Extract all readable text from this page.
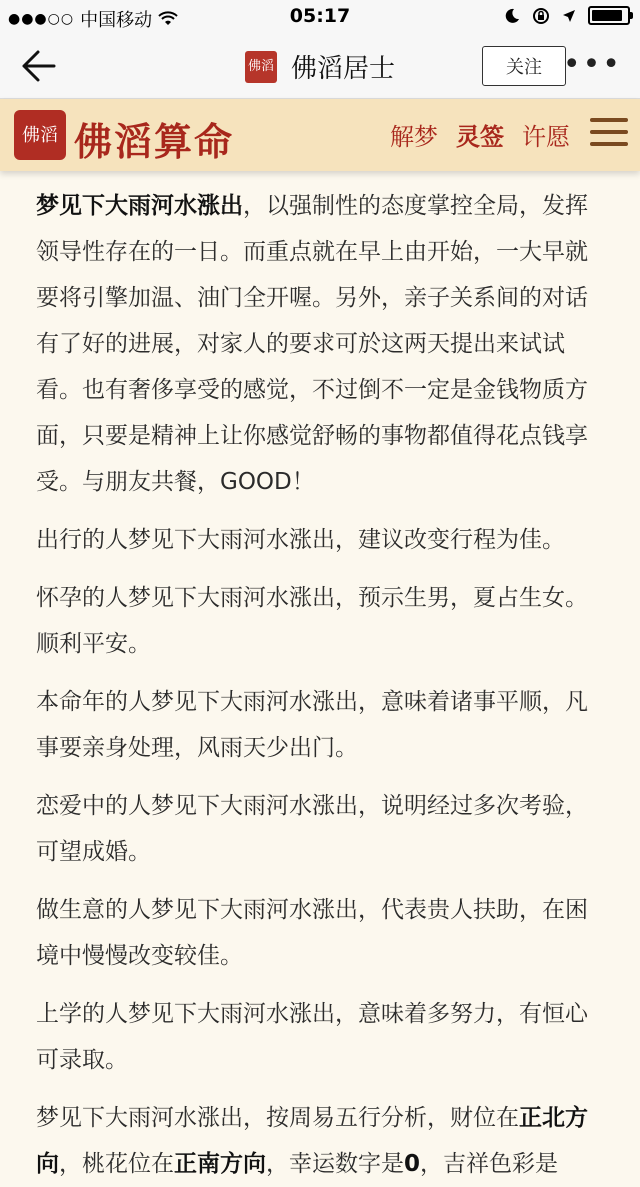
●●●○○ 中国移动	05:17
佛滔 佛滔居士	关注 •••
佛滔 佛滔算命	解梦 灵签 许愿

梦见下大雨河水涨出，以强制性的态度掌控全局，发挥领导性存在的一日。而重点就在早上由开始，一大早就要将引擎加温、油门全开喔。另外，亲子关系间的对话有了好的进展，对家人的要求可於这两天提出来试试看。也有奢侈享受的感觉，不过倒不一定是金钱物质方面，只要是精神上让你感觉舒畅的事物都值得花点钱享受。与朋友共餐，GOOD！

出行的人梦见下大雨河水涨出，建议改变行程为佳。

怀孕的人梦见下大雨河水涨出，预示生男，夏占生女。顺利平安。

本命年的人梦见下大雨河水涨出，意味着诸事平顺，凡事要亲身处理，风雨天少出门。

恋爱中的人梦见下大雨河水涨出，说明经过多次考验，可望成婚。

做生意的人梦见下大雨河水涨出，代表贵人扶助，在困境中慢慢改变较佳。

上学的人梦见下大雨河水涨出，意味着多努力，有恒心可录取。

梦见下大雨河水涨出，按周易五行分析，财位在正北方向，桃花位在正南方向，幸运数字是0，吉祥色彩是
